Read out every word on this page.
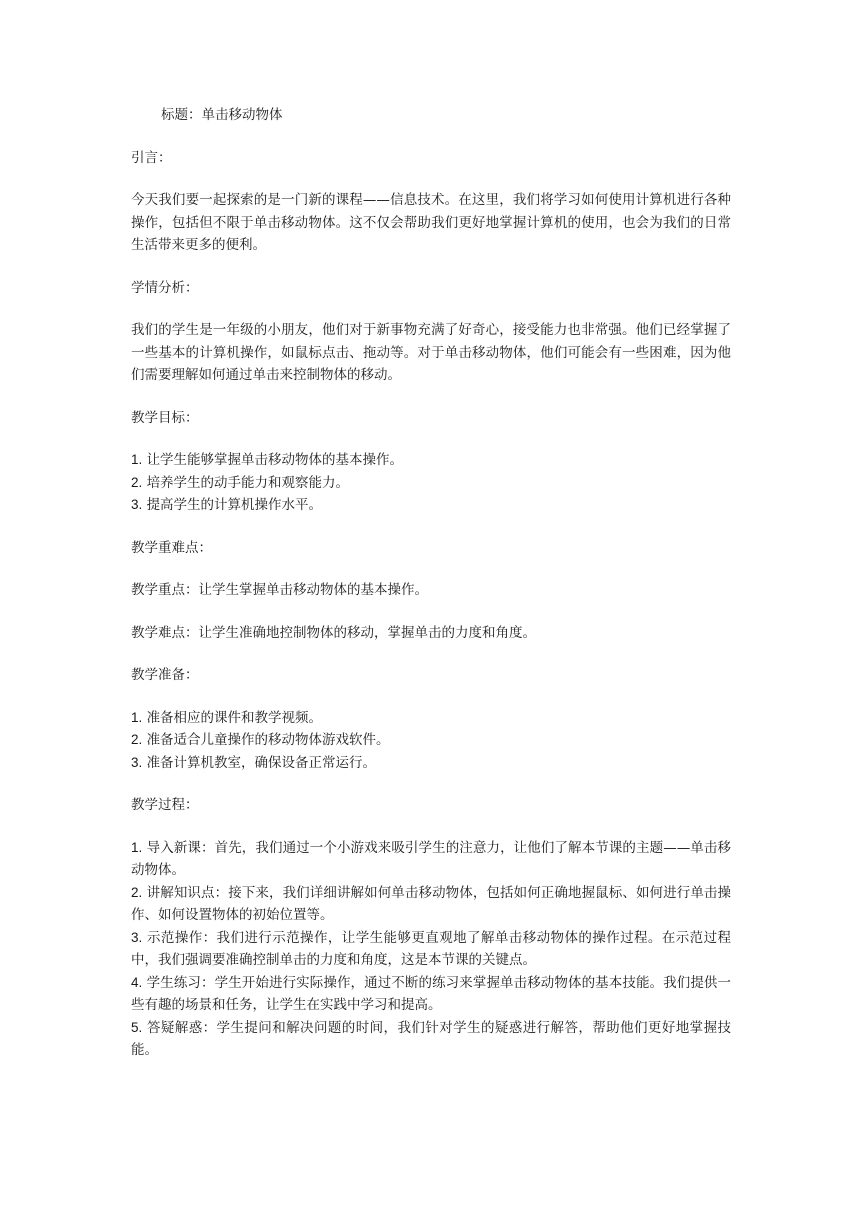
标题：单击移动物体
引言：
今天我们要一起探索的是一门新的课程——信息技术。在这里，我们将学习如何使用计算机进行各种操作，包括但不限于单击移动物体。这不仅会帮助我们更好地掌握计算机的使用，也会为我们的日常生活带来更多的便利。
学情分析：
我们的学生是一年级的小朋友，他们对于新事物充满了好奇心，接受能力也非常强。他们已经掌握了一些基本的计算机操作，如鼠标点击、拖动等。对于单击移动物体，他们可能会有一些困难，因为他们需要理解如何通过单击来控制物体的移动。
教学目标：
1. 让学生能够掌握单击移动物体的基本操作。
2. 培养学生的动手能力和观察能力。
3. 提高学生的计算机操作水平。
教学重难点：
教学重点：让学生掌握单击移动物体的基本操作。
教学难点：让学生准确地控制物体的移动，掌握单击的力度和角度。
教学准备：
1. 准备相应的课件和教学视频。
2. 准备适合儿童操作的移动物体游戏软件。
3. 准备计算机教室，确保设备正常运行。
教学过程：
1. 导入新课：首先，我们通过一个小游戏来吸引学生的注意力，让他们了解本节课的主题——单击移动物体。
2. 讲解知识点：接下来，我们详细讲解如何单击移动物体，包括如何正确地握鼠标、如何进行单击操作、如何设置物体的初始位置等。
3. 示范操作：我们进行示范操作，让学生能够更直观地了解单击移动物体的操作过程。在示范过程中，我们强调要准确控制单击的力度和角度，这是本节课的关键点。
4. 学生练习：学生开始进行实际操作，通过不断的练习来掌握单击移动物体的基本技能。我们提供一些有趣的场景和任务，让学生在实践中学习和提高。
5. 答疑解惑：学生提问和解决问题的时间，我们针对学生的疑惑进行解答，帮助他们更好地掌握技能。
